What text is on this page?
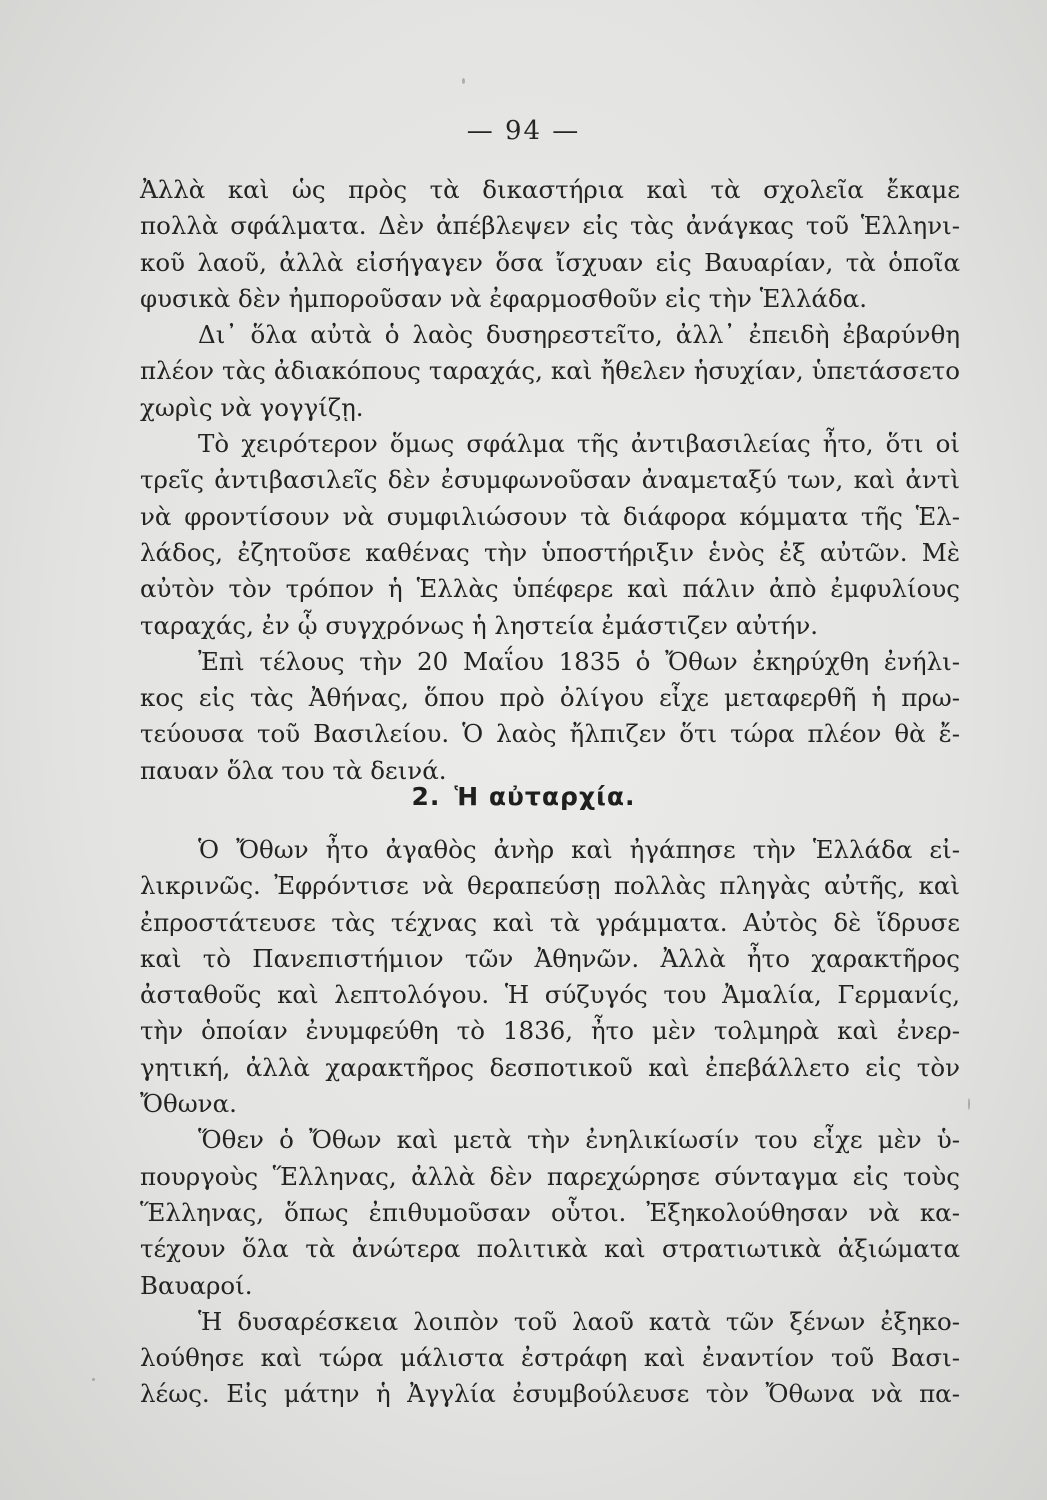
— 94 —
Ἀλλὰ καὶ ὡς πρὸς τὰ δικαστήρια καὶ τὰ σχολεῖα ἔκαμε
πολλὰ σφάλματα. Δὲν ἀπέβλεψεν εἰς τὰς ἀνάγκας τοῦ Ἑλληνι-
κοῦ λαοῦ, ἀλλὰ εἰσήγαγεν ὅσα ἴσχυαν εἰς Βαυαρίαν, τὰ ὁποῖα
φυσικὰ δὲν ἠμποροῦσαν νὰ ἐφαρμοσθοῦν εἰς τὴν Ἑλλάδα.
Δι᾽ ὅλα αὐτὰ ὁ λαὸς δυσηρεστεῖτο, ἀλλ᾽ ἐπειδὴ ἐβαρύνθη
πλέον τὰς ἀδιακόπους ταραχάς, καὶ ἤθελεν ἡσυχίαν, ὑπετάσσετο
χωρὶς νὰ γογγίζῃ.
Τὸ χειρότερον ὅμως σφάλμα τῆς ἀντιβασιλείας ἦτο, ὅτι οἱ
τρεῖς ἀντιβασιλεῖς δὲν ἐσυμφωνοῦσαν ἀναμεταξύ των, καὶ ἀντὶ
νὰ φροντίσουν νὰ συμφιλιώσουν τὰ διάφορα κόμματα τῆς Ἑλ-
λάδος, ἐζητοῦσε καθένας τὴν ὑποστήριξιν ἑνὸς ἐξ αὐτῶν. Μὲ
αὐτὸν τὸν τρόπον ἡ Ἑλλὰς ὑπέφερε καὶ πάλιν ἀπὸ ἐμφυλίους
ταραχάς, ἐν ᾧ συγχρόνως ἡ ληστεία ἐμάστιζεν αὐτήν.
Ἐπὶ τέλους τὴν 20 Μαΐου 1835 ὁ Ὄθων ἐκηρύχθη ἐνήλι-
κος εἰς τὰς Ἀθήνας, ὅπου πρὸ ὀλίγου εἶχε μεταφερθῆ ἡ πρω-
τεύουσα τοῦ Βασιλείου. Ὁ λαὸς ἤλπιζεν ὅτι τώρα πλέον θὰ ἔ-
παυαν ὅλα του τὰ δεινά.
2. Ἡ αὐταρχία.
Ὁ Ὄθων ἦτο ἀγαθὸς ἀνὴρ καὶ ἠγάπησε τὴν Ἑλλάδα εἰ-
λικρινῶς. Ἐφρόντισε νὰ θεραπεύσῃ πολλὰς πληγὰς αὐτῆς, καὶ
ἐπροστάτευσε τὰς τέχνας καὶ τὰ γράμματα. Αὐτὸς δὲ ἵδρυσε
καὶ τὸ Πανεπιστήμιον τῶν Ἀθηνῶν. Ἀλλὰ ἦτο χαρακτῆρος
ἀσταθοῦς καὶ λεπτολόγου. Ἡ σύζυγός του Ἀμαλία, Γερμανίς,
τὴν ὁποίαν ἐνυμφεύθη τὸ 1836, ἦτο μὲν τολμηρὰ καὶ ἐνερ-
γητική, ἀλλὰ χαρακτῆρος δεσποτικοῦ καὶ ἐπεβάλλετο εἰς τὸν
Ὄθωνα.
Ὅθεν ὁ Ὄθων καὶ μετὰ τὴν ἐνηλικίωσίν του εἶχε μὲν ὑ-
πουργοὺς Ἕλληνας, ἀλλὰ δὲν παρεχώρησε σύνταγμα εἰς τοὺς
Ἕλληνας, ὅπως ἐπιθυμοῦσαν οὗτοι. Ἐξηκολούθησαν νὰ κα-
τέχουν ὅλα τὰ ἀνώτερα πολιτικὰ καὶ στρατιωτικὰ ἀξιώματα
Βαυαροί.
Ἡ δυσαρέσκεια λοιπὸν τοῦ λαοῦ κατὰ τῶν ξένων ἐξηκο-
λούθησε καὶ τώρα μάλιστα ἐστράφη καὶ ἐναντίον τοῦ Βασι-
λέως. Εἰς μάτην ἡ Ἀγγλία ἐσυμβούλευσε τὸν Ὄθωνα νὰ πα-
